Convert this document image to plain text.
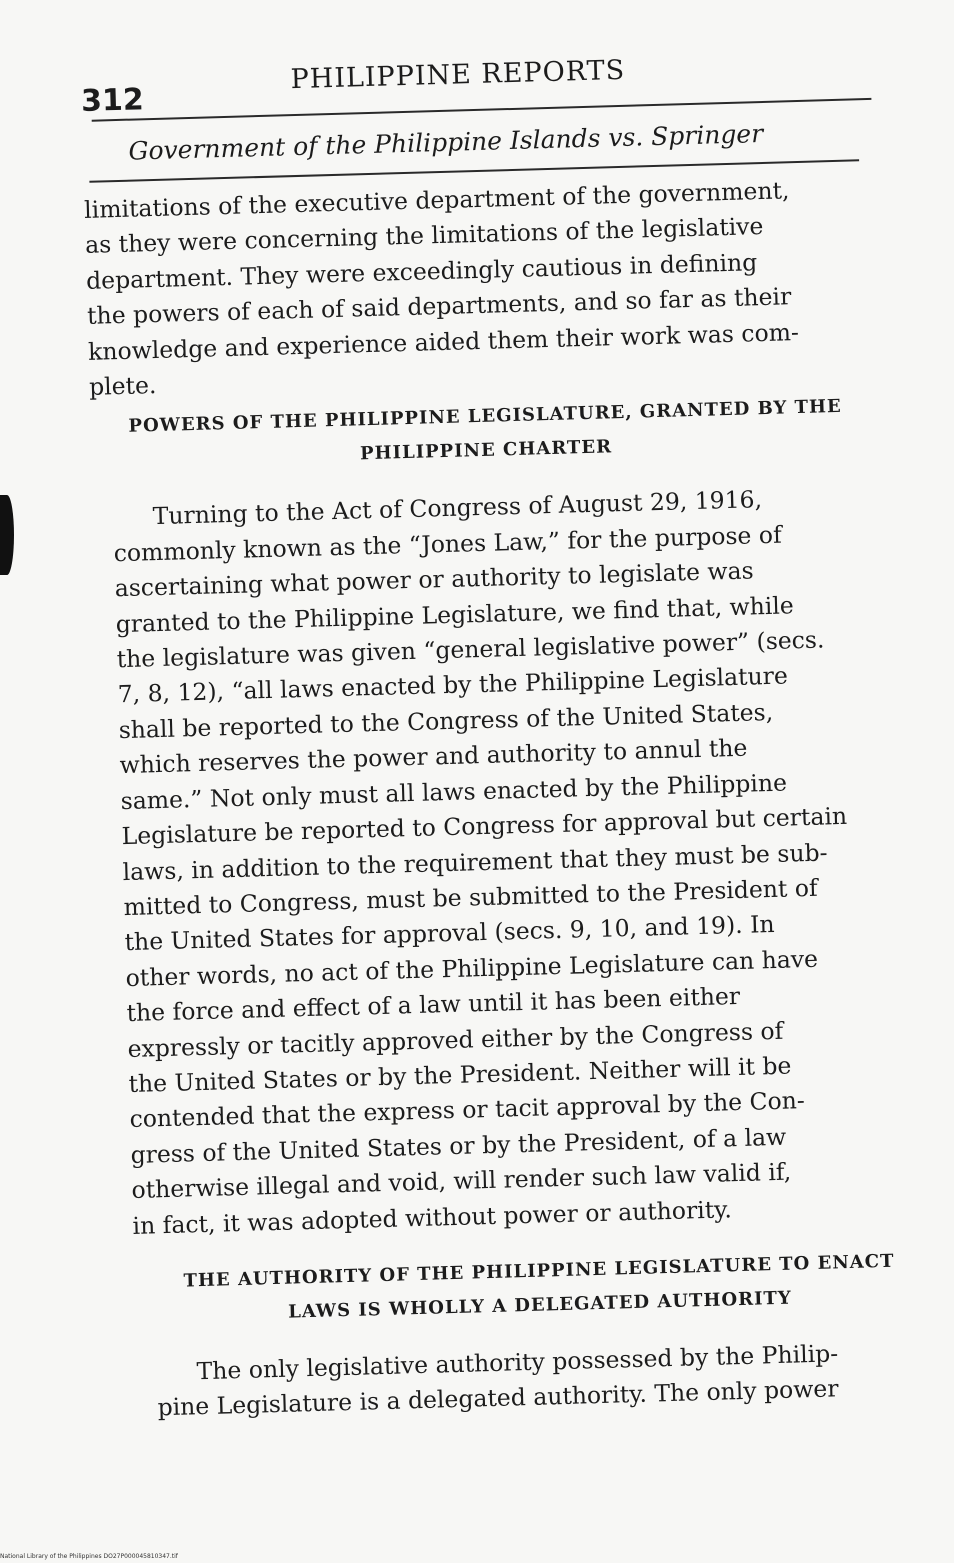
312
PHILIPPINE REPORTS
Government of the Philippine Islands vs. Springer

limitations of the executive department of the government,
as they were concerning the limitations of the legislative
department. They were exceedingly cautious in defining
the powers of each of said departments, and so far as their
knowledge and experience aided them their work was com-
plete.

POWERS OF THE PHILIPPINE LEGISLATURE, GRANTED BY THE
PHILIPPINE CHARTER

Turning to the Act of Congress of August 29, 1916,
commonly known as the “Jones Law,” for the purpose of
ascertaining what power or authority to legislate was
granted to the Philippine Legislature, we find that, while
the legislature was given “general legislative power” (secs.
7, 8, 12), “all laws enacted by the Philippine Legislature
shall be reported to the Congress of the United States,
which reserves the power and authority to annul the
same.” Not only must all laws enacted by the Philippine
Legislature be reported to Congress for approval but certain
laws, in addition to the requirement that they must be sub-
mitted to Congress, must be submitted to the President of
the United States for approval (secs. 9, 10, and 19). In
other words, no act of the Philippine Legislature can have
the force and effect of a law until it has been either
expressly or tacitly approved either by the Congress of
the United States or by the President. Neither will it be
contended that the express or tacit approval by the Con-
gress of the United States or by the President, of a law
otherwise illegal and void, will render such law valid if,
in fact, it was adopted without power or authority.

THE AUTHORITY OF THE PHILIPPINE LEGISLATURE TO ENACT
LAWS IS WHOLLY A DELEGATED AUTHORITY

The only legislative authority possessed by the Philip-
pine Legislature is a delegated authority. The only power

National Library of the Philippines DO27P000045810347.tif
